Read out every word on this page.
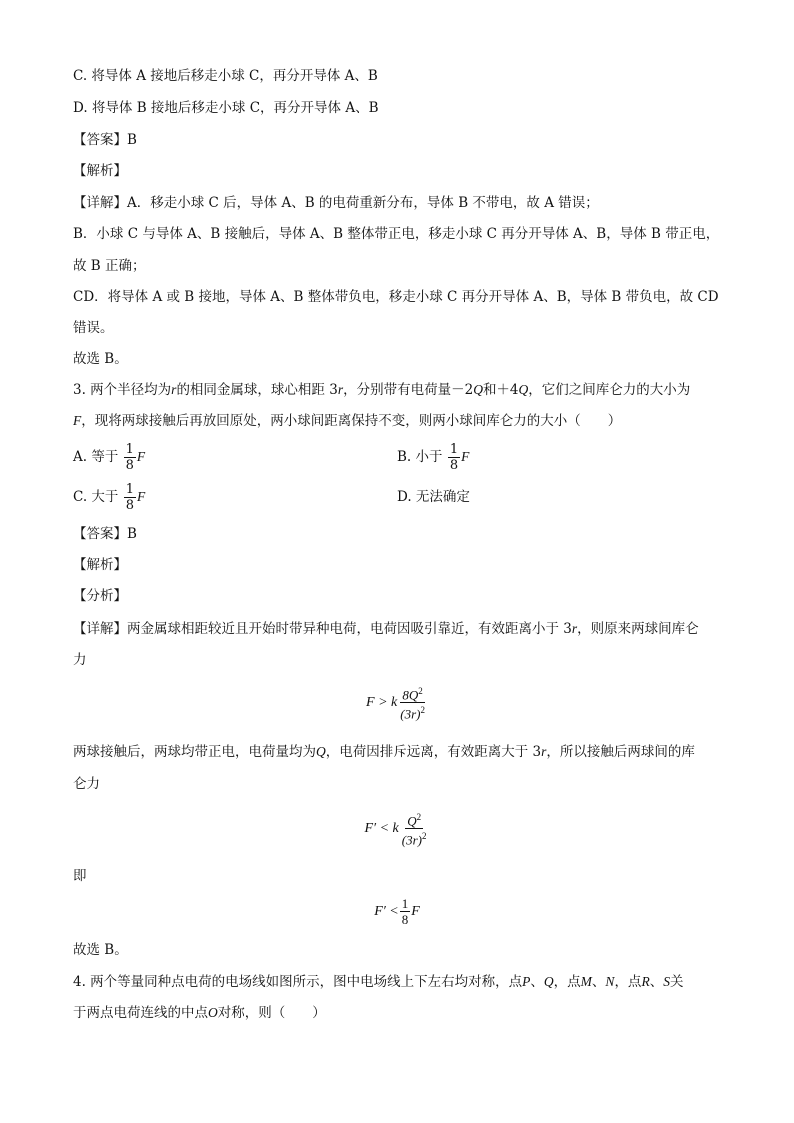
C. 将导体 A 接地后移走小球 C，再分开导体 A、B
D. 将导体 B 接地后移走小球 C，再分开导体 A、B
【答案】B
【解析】
【详解】A．移走小球 C 后，导体 A、B 的电荷重新分布，导体 B 不带电，故 A 错误；
B．小球 C 与导体 A、B 接触后，导体 A、B 整体带正电，移走小球 C 再分开导体 A、B，导体 B 带正电，
故 B 正确；
CD．将导体 A 或 B 接地，导体 A、B 整体带负电，移走小球 C 再分开导体 A、B，导体 B 带负电，故 CD
错误。
故选 B。
3. 两个半径均为r的相同金属球，球心相距 3r，分别带有电荷量－2Q和＋4Q，它们之间库仑力的大小为
F，现将两球接触后再放回原处，两小球间距离保持不变，则两小球间库仑力的大小（　　）
A. 等于 $\frac{1}{8}$ F	B. 小于 $\frac{1}{8}$ F
C. 大于 $\frac{1}{8}$ F	D. 无法确定
【答案】B
【解析】
【分析】
【详解】两金属球相距较近且开始时带异种电荷，电荷因吸引靠近，有效距离小于 3r，则原来两球间库仑
力
F > k $\frac{8Q^2}{(3r)^2}$
两球接触后，两球均带正电，电荷量均为Q，电荷因排斥远离，有效距离大于 3r，所以接触后两球间的库
仑力
F′ < k $\frac{Q^2}{(3r)^2}$
即
$F' < \frac{1}{8}$ F
故选 B。
4. 两个等量同种点电荷的电场线如图所示，图中电场线上下左右均对称，点P、Q，点M、N，点R、S关
于两点电荷连线的中点O对称，则（　　）
